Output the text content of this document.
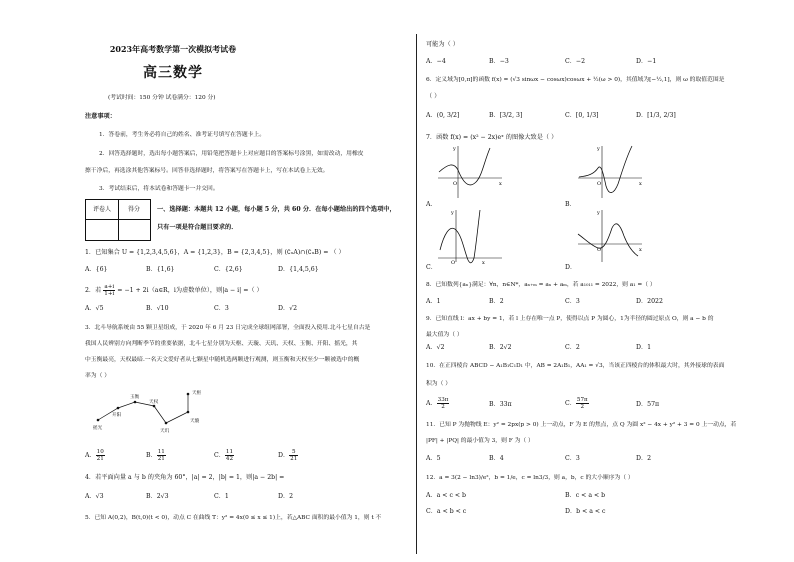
2023年高考数学第一次模拟考试卷
高三数学
(考试时间：150 分钟 试卷满分：120 分)
注意事项：
1．答卷前，考生务必将自己的姓名、准考证号填写在答题卡上。
2．回答选择题时，选出每小题答案后，用铅笔把答题卡上对应题目的答案标号涂黑，如需改动，用橡皮
擦干净后，再选涂其他答案标号。回答非选择题时，将答案写在答题卡上，写在本试卷上无效。
3．考试结束后，将本试卷和答题卡一并交回。
评卷人	得分	一、选择题：本题共 12 小题，每小题 5 分，共 60 分．在每小题给出的四个选项中，
只有一项是符合题目要求的．
1．已知集合 U = {1,2,3,4,5,6}，A = {1,2,3}，B = {2,3,4,5}，则 (∁ᵤA)∩(∁ᵤB) = （ ）
A．{6}	B．{1,6}	C．{2,6}	D．{1,4,5,6}
2．若 $\frac{a+i}{1+i} = -1$ + 2i（a∈R，i为虚数单位），则|a − i| =（ ）
A．√5	B．√10	C．3	D．√2
3．北斗导航系统由 55 颗卫星组成，于 2020 年 6 月 23 日完成全球组网部署，全面投入使用.北斗七星自古是
我国人民辨别方向判断季节的重要依据，北斗七星分别为天枢、天璇、天玑、天权、玉衡、开阳、摇光，其
中玉衡最亮，天权最暗.一名天文爱好者从七颗星中随机选两颗进行观测，则玉衡和天权至少一颗被选中的概
率为（ ）
摇光
开阳
玉衡
天权
天玑
天璇
天枢
A． $\frac{10}{21}$	B． $\frac{11}{21}$	C． $\frac{11}{42}$	D． $\frac{5}{21}$
4．若平面向量 a 与 b 的夹角为 60°，|a| = 2，|b| = 1，则|a − 2b| =
A．√3	B．2√3	C．1	D．2
5．已知 A(0,2)，B(t,0)(t < 0)，动点 C 在曲线 T：y² = 4x(0 ≤ x ≤ 1)上，若△ABC 面积的最小值为 1，则 t 不
可能为（ ）
A．−4	B．−3	C．−2	D．−1
6．定义域为[0,π]的函数 f(x) = (√3 sinωx − cosωx)cosωx + ½(ω > 0)，其值域为[−½,1]，则 ω 的取值范围是
（ ）
A．(0, 3/2]	B．[3/2, 3]	C．[0, 1/3]	D．[1/3, 2/3]
7．函数 f(x) = (x² − 2x)eˣ 的图像大致是（ ）
y
x
O
A．
y
x
O
B．
y
x
O
C．
y
x
O
D．
8．已知数列{aₙ}满足：∀n，n∈N*，aₙ₊ₘ = aₙ + aₘ，若 a₁₀₁₁ = 2022，则 a₁ =（ ）
A．1	B．2	C．3	D．2022
9．已知直线 l：ax + by = 1，若 l 上存在唯一点 P，使得以点 P 为圆心，1为半径的圆过原点 O，则 a − b 的
最大值为（ ）
A．√2	B．2√2	C．2	D．1
10．在正四棱台 ABCD − A₁B₁C₁D₁ 中，AB = 2A₁B₁，AA₁ = √3，当该正四棱台的体积最大时，其外接球的表面
积为（ ）
A． $\frac{33\pi}{2}$	B．33π	C． $\frac{57\pi}{2}$	D．57π
11．已知 P 为抛物线 E：y² = 2px(p > 0) 上一动点，F 为 E 的焦点，点 Q 为圆 x² − 4x + y² + 3 = 0 上一动点，若
|PF| + |PQ| 的最小值为 3，则 F 为（ ）
A．5	B．4	C．3	D．2
12．a = 3(2 − ln3)/e²，b = 1/e，c = ln3/3，则 a，b，c 的大小顺序为（ ）
A．a < c < b	B．c < a < b
C．a < b < c	D．b < a < c
